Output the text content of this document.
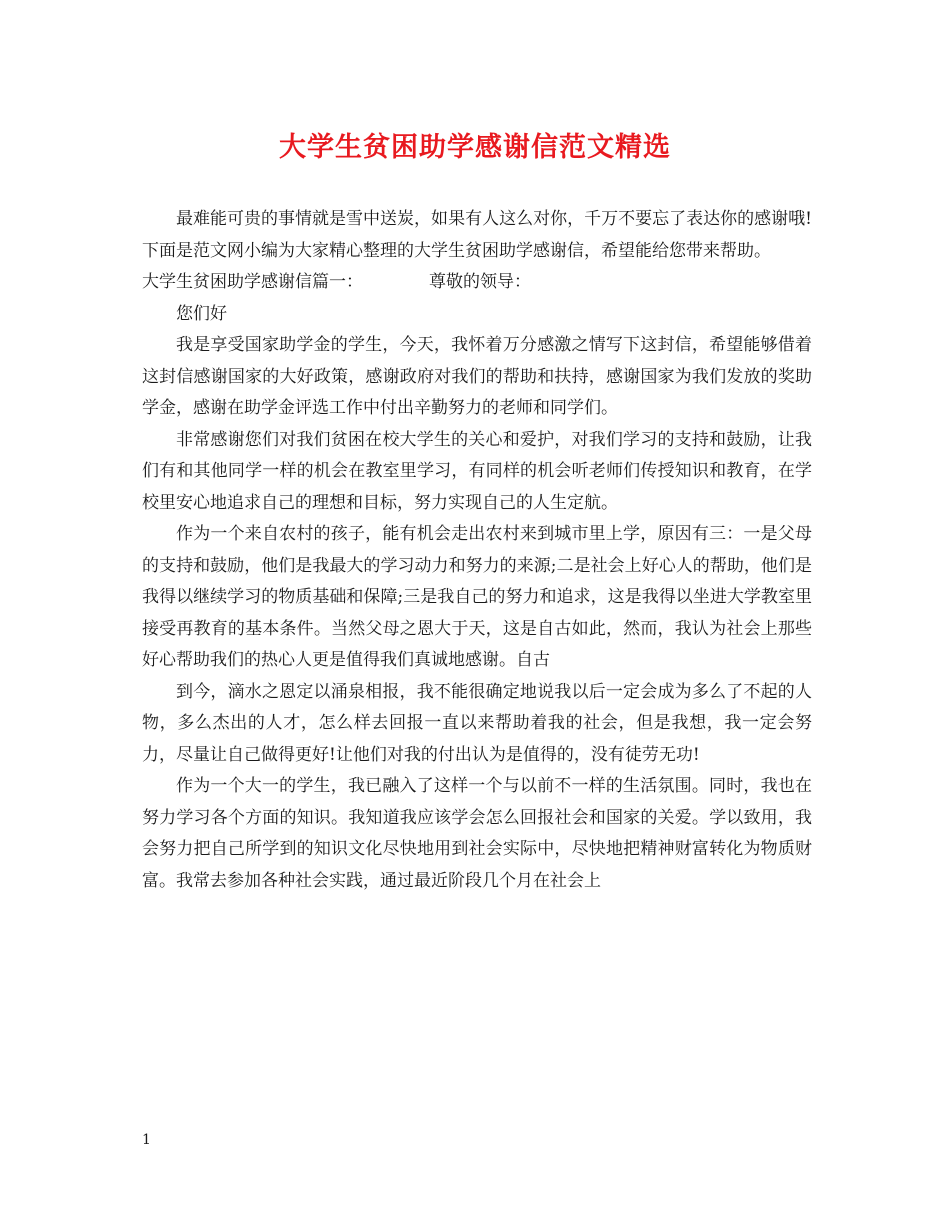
大学生贫困助学感谢信范文精选

最难能可贵的事情就是雪中送炭，如果有人这么对你，千万不要忘了表达你的感谢哦!下面是范文网小编为大家精心整理的大学生贫困助学感谢信，希望能给您带来帮助。

大学生贫困助学感谢信篇一：	尊敬的领导：

您们好

我是享受国家助学金的学生，今天，我怀着万分感激之情写下这封信，希望能够借着这封信感谢国家的大好政策，感谢政府对我们的帮助和扶持，感谢国家为我们发放的奖助学金，感谢在助学金评选工作中付出辛勤努力的老师和同学们。

非常感谢您们对我们贫困在校大学生的关心和爱护，对我们学习的支持和鼓励，让我们有和其他同学一样的机会在教室里学习，有同样的机会听老师们传授知识和教育，在学校里安心地追求自己的理想和目标，努力实现自己的人生定航。

作为一个来自农村的孩子，能有机会走出农村来到城市里上学，原因有三：一是父母的支持和鼓励，他们是我最大的学习动力和努力的来源;二是社会上好心人的帮助，他们是我得以继续学习的物质基础和保障;三是我自己的努力和追求，这是我得以坐进大学教室里接受再教育的基本条件。当然父母之恩大于天，这是自古如此，然而，我认为社会上那些好心帮助我们的热心人更是值得我们真诚地感谢。自古

到今，滴水之恩定以涌泉相报，我不能很确定地说我以后一定会成为多么了不起的人物，多么杰出的人才，怎么样去回报一直以来帮助着我的社会，但是我想，我一定会努力，尽量让自己做得更好!让他们对我的付出认为是值得的，没有徒劳无功!

作为一个大一的学生，我已融入了这样一个与以前不一样的生活氛围。同时，我也在努力学习各个方面的知识。我知道我应该学会怎么回报社会和国家的关爱。学以致用，我会努力把自己所学到的知识文化尽快地用到社会实际中，尽快地把精神财富转化为物质财富。我常去参加各种社会实践，通过最近阶段几个月在社会上

1
